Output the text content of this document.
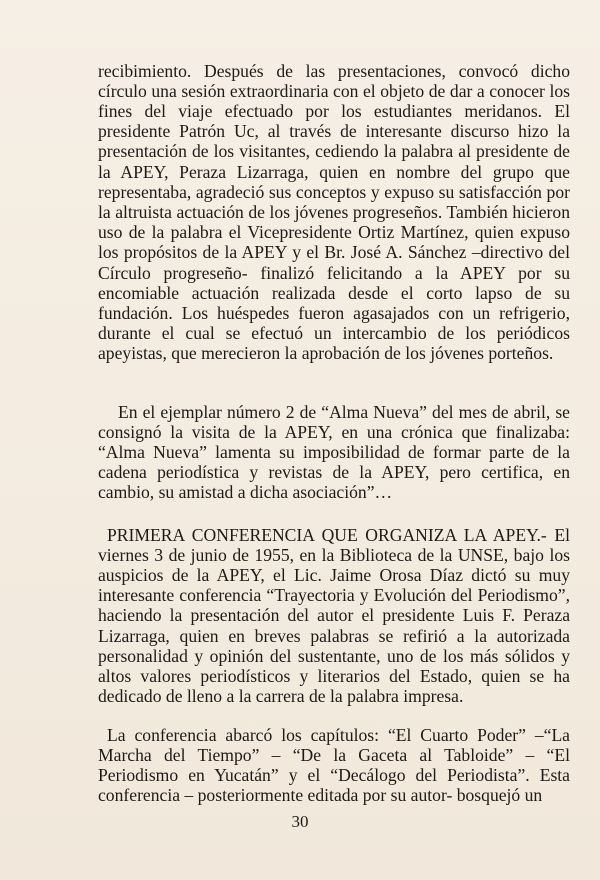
recibimiento. Después de las presentaciones, convocó dicho círculo una sesión extraordinaria con el objeto de dar a conocer los fines del viaje efectuado por los estudiantes meridanos. El presidente Patrón Uc, al través de interesante discurso hizo la presentación de los visitantes, cediendo la palabra al presidente de la APEY, Peraza Lizarraga, quien en nombre del grupo que representaba, agradeció sus conceptos y expuso su satisfacción por la altruista actuación de los jóvenes progreseños. También hicieron uso de la palabra el Vicepresidente Ortiz Martínez, quien expuso los propósitos de la APEY y el Br. José A. Sánchez –directivo del Círculo progreseño- finalizó felicitando a la APEY por su encomiable actuación realizada desde el corto lapso de su fundación. Los huéspedes fueron agasajados con un refrigerio, durante el cual se efectuó un intercambio de los periódicos apeyistas, que merecieron la aprobación de los jóvenes porteños.

En el ejemplar número 2 de “Alma Nueva” del mes de abril, se consignó la visita de la APEY, en una crónica que finalizaba: “Alma Nueva” lamenta su imposibilidad de formar parte de la cadena periodística y revistas de la APEY, pero certifica, en cambio, su amistad a dicha asociación”…

PRIMERA CONFERENCIA QUE ORGANIZA LA APEY.- El viernes 3 de junio de 1955, en la Biblioteca de la UNSE, bajo los auspicios de la APEY, el Lic. Jaime Orosa Díaz dictó su muy interesante conferencia “Trayectoria y Evolución del Periodismo”, haciendo la presentación del autor el presidente Luis F. Peraza Lizarraga, quien en breves palabras se refirió a la autorizada personalidad y opinión del sustentante, uno de los más sólidos y altos valores periodísticos y literarios del Estado, quien se ha dedicado de lleno a la carrera de la palabra impresa.

La conferencia abarcó los capítulos: “El Cuarto Poder” –“La Marcha del Tiempo” – “De la Gaceta al Tabloide” – “El Periodismo en Yucatán” y el “Decálogo del Periodista”. Esta conferencia – posteriormente editada por su autor- bosquejó un

30
